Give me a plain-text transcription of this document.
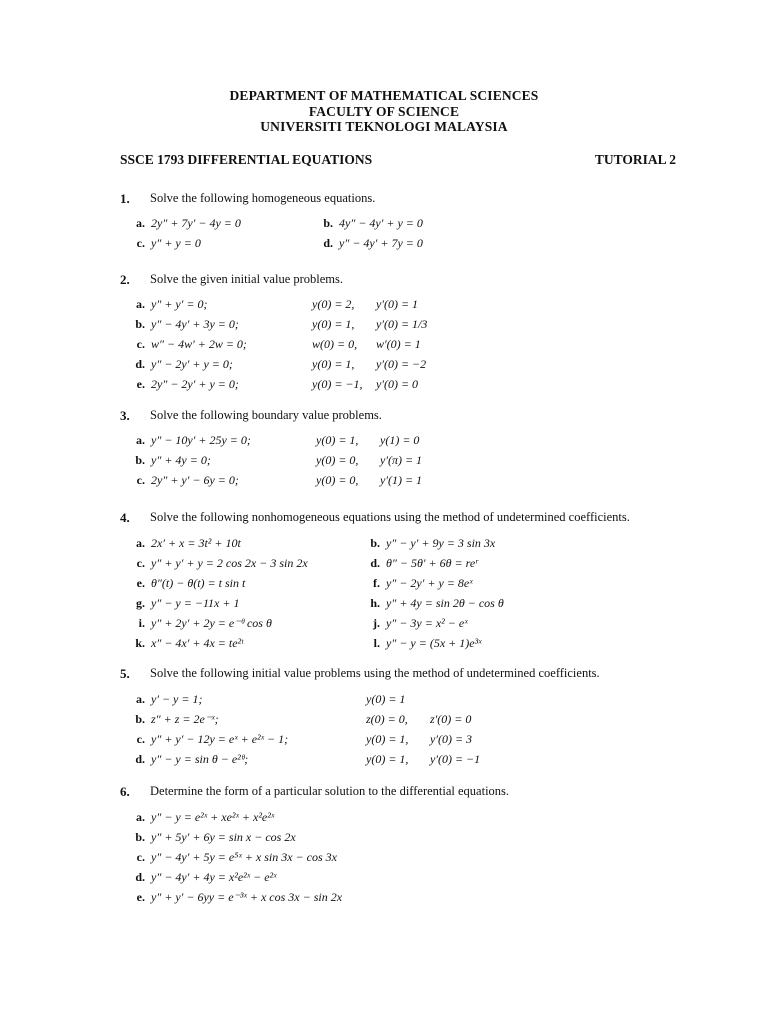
DEPARTMENT OF MATHEMATICAL SCIENCES
FACULTY OF SCIENCE
UNIVERSITI TEKNOLOGI MALAYSIA
SSCE 1793 DIFFERENTIAL EQUATIONS	TUTORIAL 2
1. Solve the following homogeneous equations.
a. 2y″ + 7y′ − 4y = 0	b. 4y″ − 4y′ + y = 0
c. y″ + y = 0	d. y″ − 4y′ + 7y = 0
2. Solve the given initial value problems.
a. y″ + y′ = 0;	y(0) = 2, y′(0) = 1
b. y″ − 4y′ + 3y = 0;	y(0) = 1, y′(0) = 1/3
c. w″ − 4w′ + 2w = 0;	w(0) = 0, w′(0) = 1
d. y″ − 2y′ + y = 0;	y(0) = 1, y′(0) = −2
e. 2y″ − 2y′ + y = 0;	y(0) = −1, y′(0) = 0
3. Solve the following boundary value problems.
a. y″ − 10y′ + 25y = 0;	y(0) = 1, y(1) = 0
b. y″ + 4y = 0;	y(0) = 0, y′(π) = 1
c. 2y″ + y′ − 6y = 0;	y(0) = 0, y′(1) = 1
4. Solve the following nonhomogeneous equations using the method of undetermined coefficients.
a. 2x′ + x = 3t² + 10t	b. y″ − y′ + 9y = 3 sin 3x
c. y″ + y′ + y = 2 cos 2x − 3 sin 2x	d. θ″ − 5θ′ + 6θ = reʳ
e. θ″(t) − θ(t) = t sin t	f. y″ − 2y′ + y = 8eˣ
g. y″ − y = −11x + 1	h. y″ + 4y = sin 2θ − cos θ
i. y″ + 2y′ + 2y = e⁻ᶿ cos θ	j. y″ − 3y = x² − eˣ
k. x″ − 4x′ + 4x = te²ᵗ	l. y″ − y = (5x + 1)e³ˣ
5. Solve the following initial value problems using the method of undetermined coefficients.
a. y′ − y = 1;	y(0) = 1
b. z″ + z = 2e⁻ˣ;	z(0) = 0, z′(0) = 0
c. y″ + y′ − 12y = eˣ + e²ˣ − 1;	y(0) = 1, y′(0) = 3
d. y″ − y = sin θ − e²ᶿ;	y(0) = 1, y′(0) = −1
6. Determine the form of a particular solution to the differential equations.
a. y″ − y = e²ˣ + xe²ˣ + x²e²ˣ
b. y″ + 5y′ + 6y = sin x − cos 2x
c. y″ − 4y′ + 5y = e⁵ˣ + x sin 3x − cos 3x
d. y″ − 4y′ + 4y = x²e²ˣ − e²ˣ
e. y″ + y′ − 6yy = e⁻³ˣ + x cos 3x − sin 2x
